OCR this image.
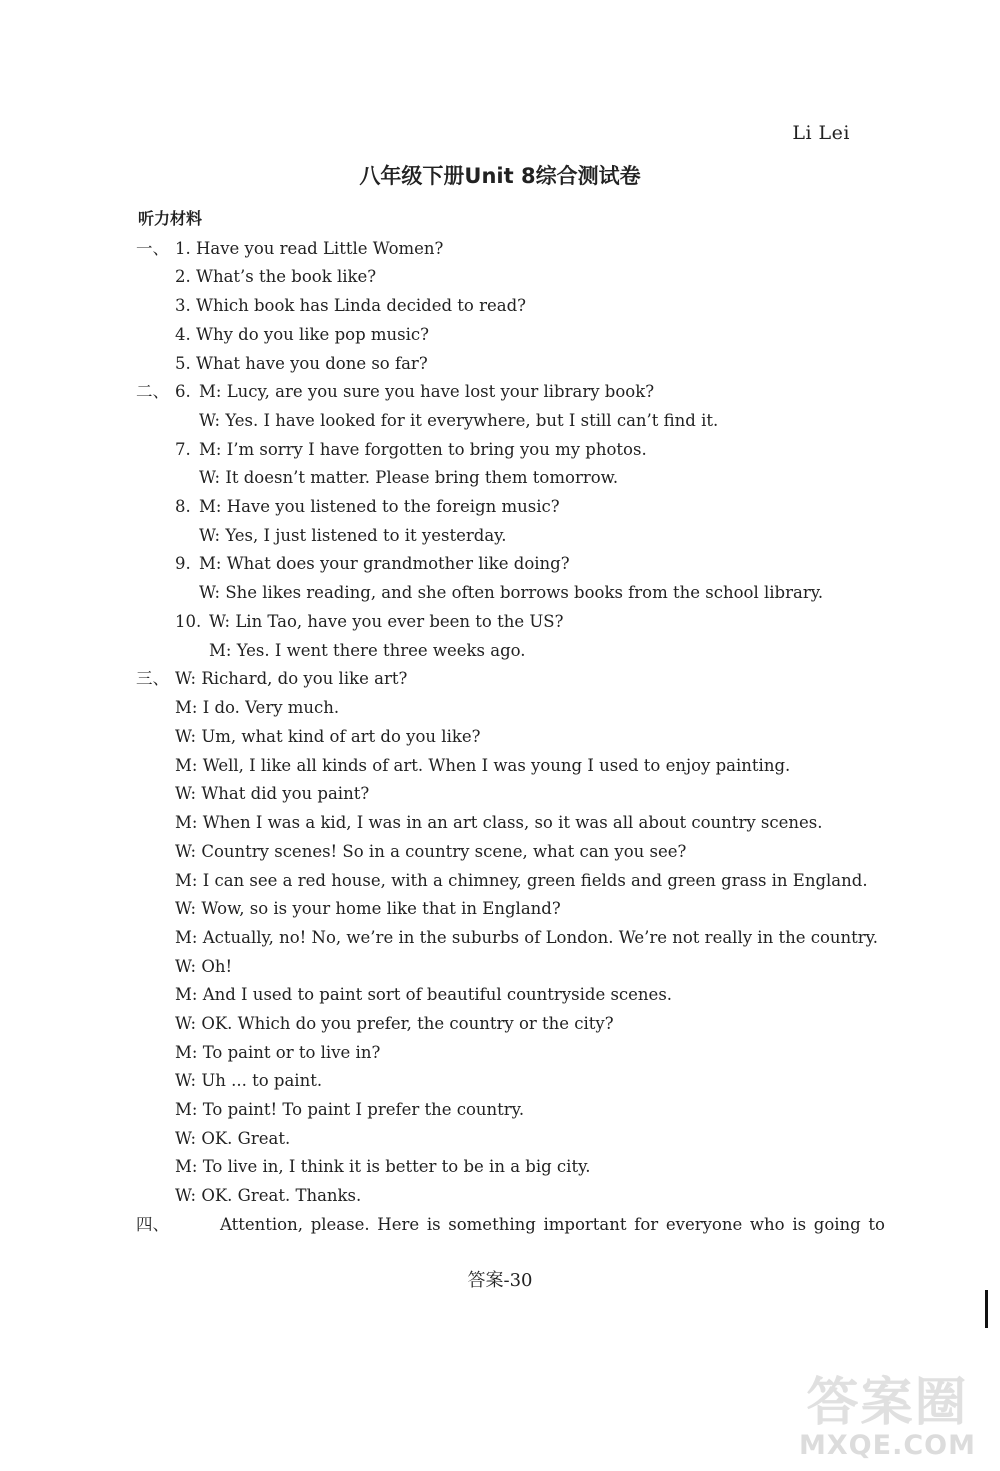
Li Lei
八年级下册Unit 8综合测试卷
听力材料
一、 1. Have you read Little Women?
2. What’s the book like?
3. Which book has Linda decided to read?
4. Why do you like pop music?
5. What have you done so far?
二、 6. M: Lucy, are you sure you have lost your library book?
W: Yes. I have looked for it everywhere, but I still can’t find it.
7. M: I’m sorry I have forgotten to bring you my photos.
W: It doesn’t matter. Please bring them tomorrow.
8. M: Have you listened to the foreign music?
W: Yes, I just listened to it yesterday.
9. M: What does your grandmother like doing?
W: She likes reading, and she often borrows books from the school library.
10. W: Lin Tao, have you ever been to the US?
M: Yes. I went there three weeks ago.
三、 W: Richard, do you like art?
M: I do. Very much.
W: Um, what kind of art do you like?
M: Well, I like all kinds of art. When I was young I used to enjoy painting.
W: What did you paint?
M: When I was a kid, I was in an art class, so it was all about country scenes.
W: Country scenes! So in a country scene, what can you see?
M: I can see a red house, with a chimney, green fields and green grass in England.
W: Wow, so is your home like that in England?
M: Actually, no! No, we’re in the suburbs of London. We’re not really in the country.
W: Oh!
M: And I used to paint sort of beautiful countryside scenes.
W: OK. Which do you prefer, the country or the city?
M: To paint or to live in?
W: Uh ... to paint.
M: To paint! To paint I prefer the country.
W: OK. Great.
M: To live in, I think it is better to be in a big city.
W: OK. Great. Thanks.
四、	Attention, please. Here is something important for everyone who is going to
答案-30
答案圈
MXQE.COM
